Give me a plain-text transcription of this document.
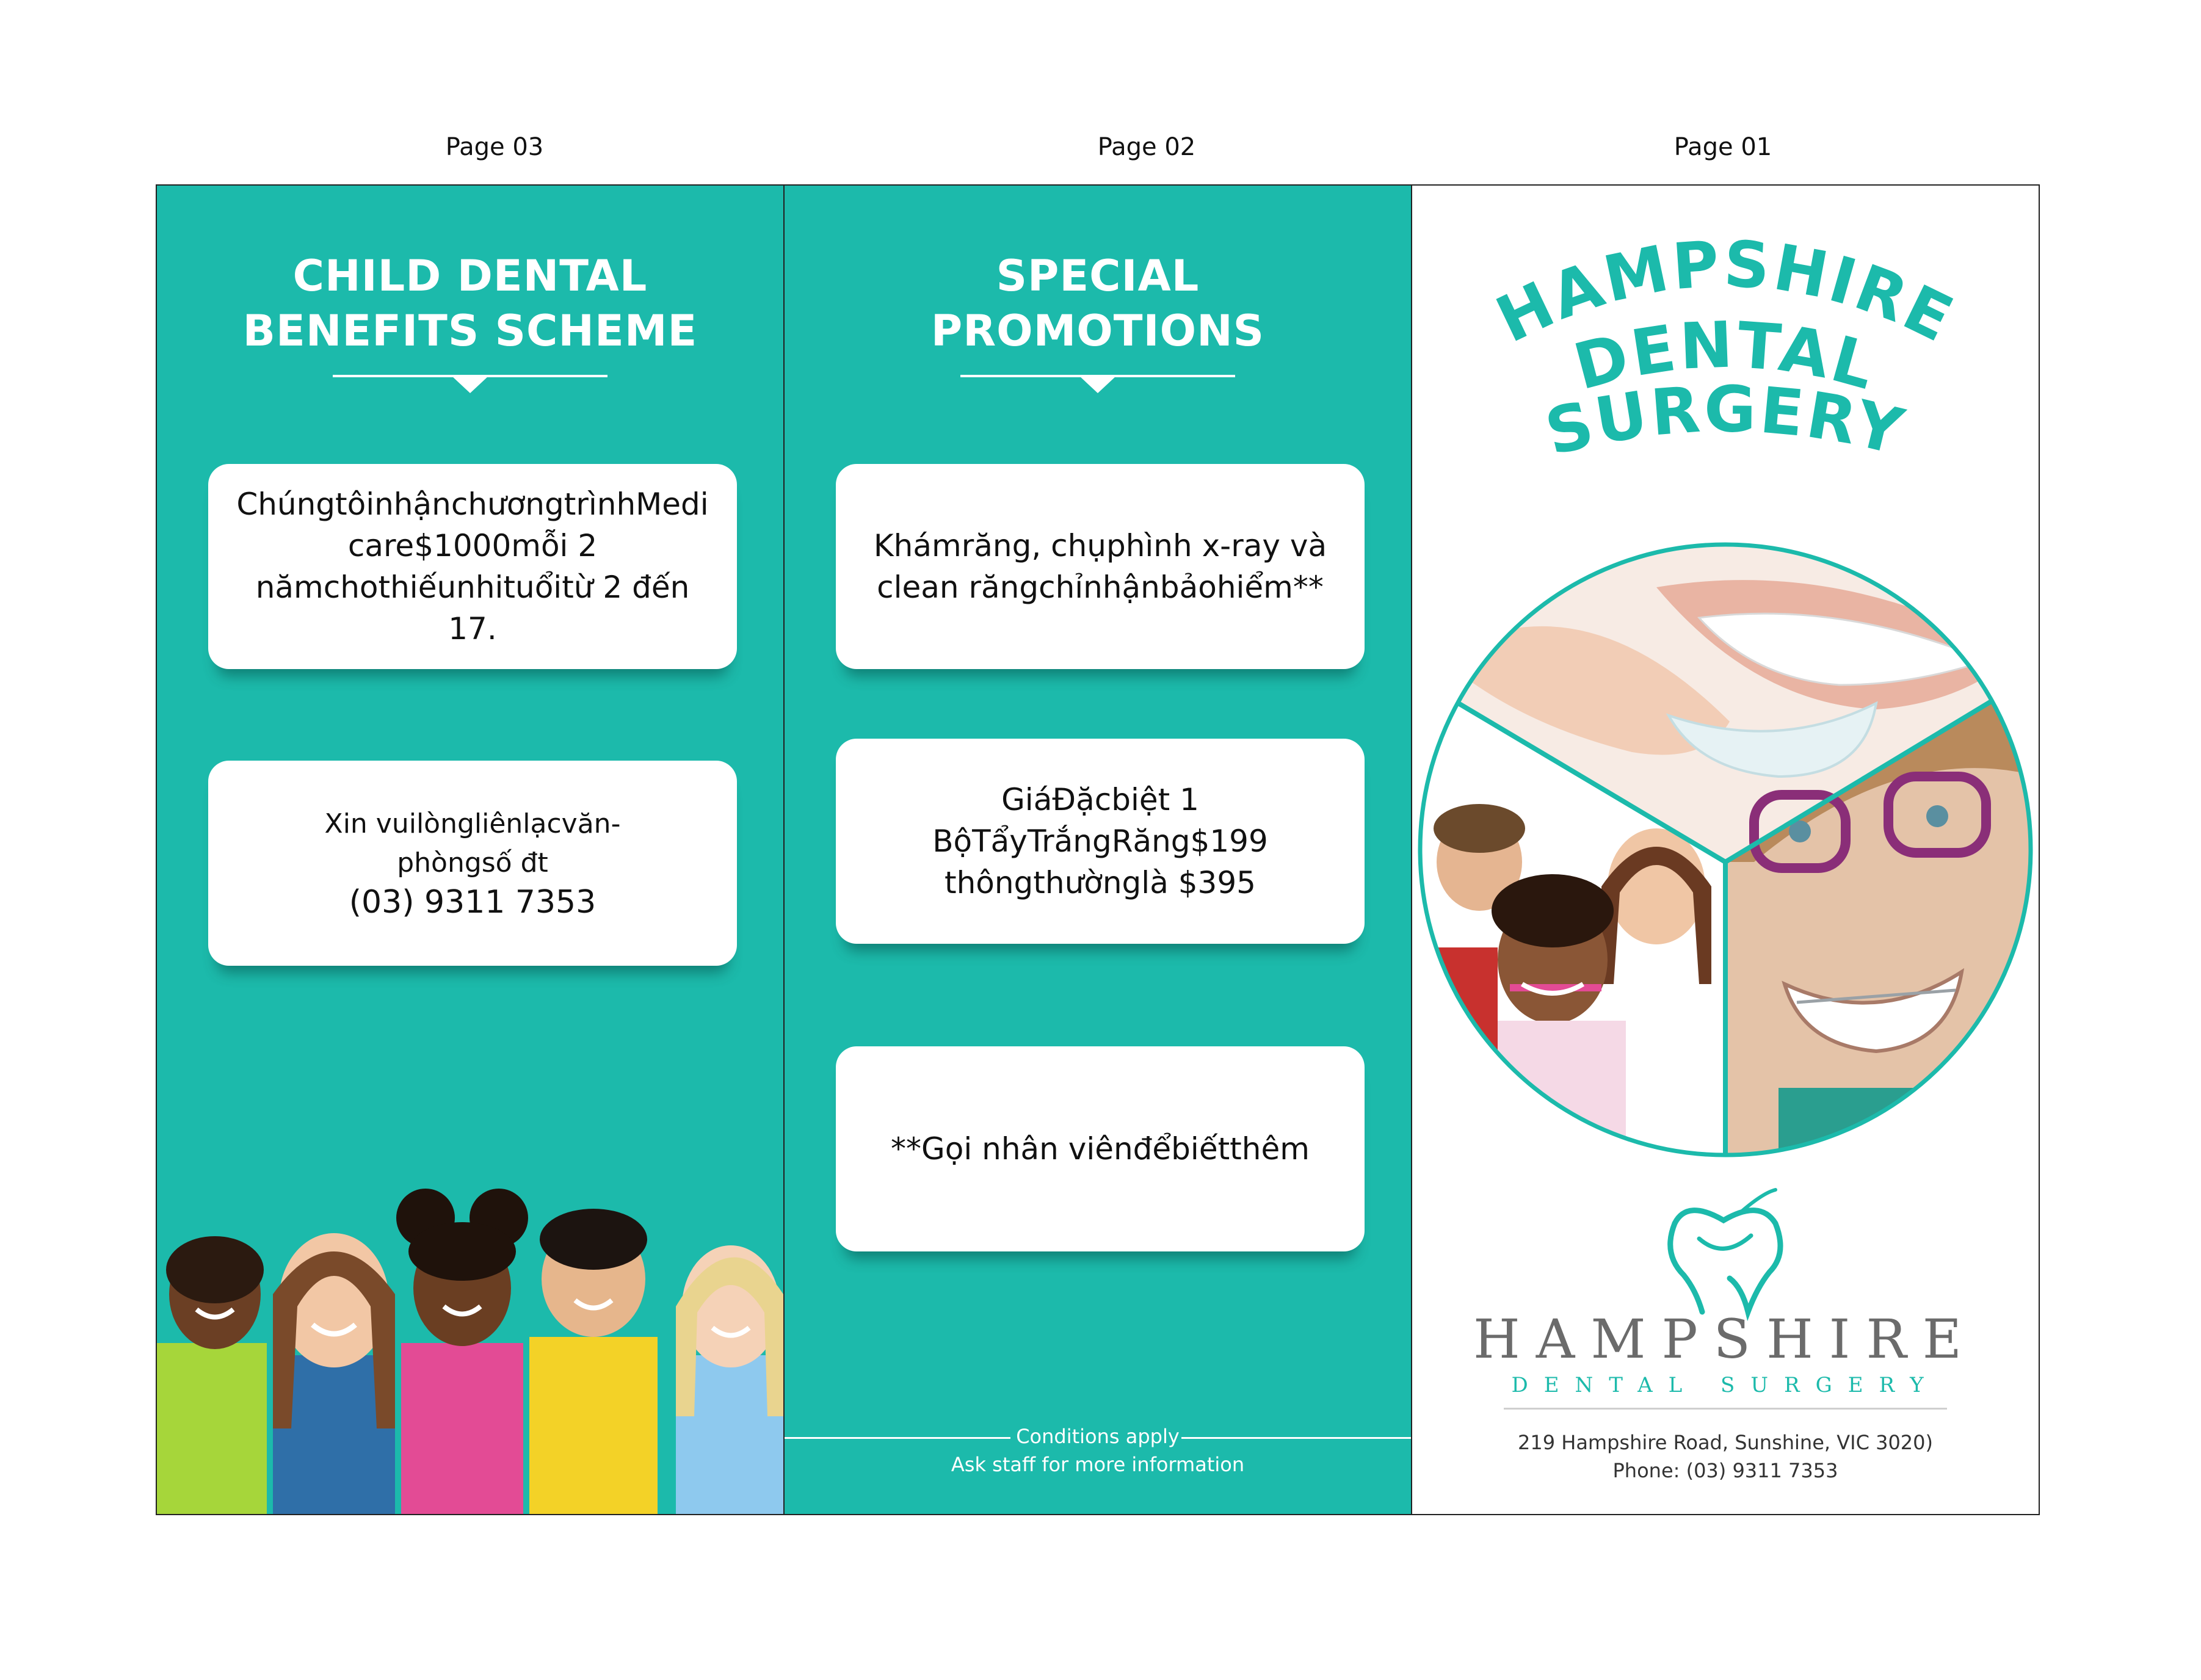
Page 03	Page 02	Page 01
CHILD DENTAL
BENEFITS SCHEME
ChúngtôinhậnchươngtrìnhMedi
care$1000mỗi 2
nămchothiếunhituổitừ 2 đến 17.
Xin vuilòngliênlạcvăn-
phòngsố đt
(03) 9311 7353
SPECIAL
PROMOTIONS
Khámrăng, chụphình x-ray và
clean răngchỉnhậnbảohiểm**
GiáĐặcbiệt 1
BộTẩyTrắngRăng$199
thôngthườnglà $395
**Gọi nhân viênđểbiếtthêm
Conditions apply
Ask staff for more information
HAMPSHIRE
DENTAL
SURGERY
HAMPSHIRE
DENTAL SURGERY
219 Hampshire Road, Sunshine, VIC 3020)
Phone: (03) 9311 7353
